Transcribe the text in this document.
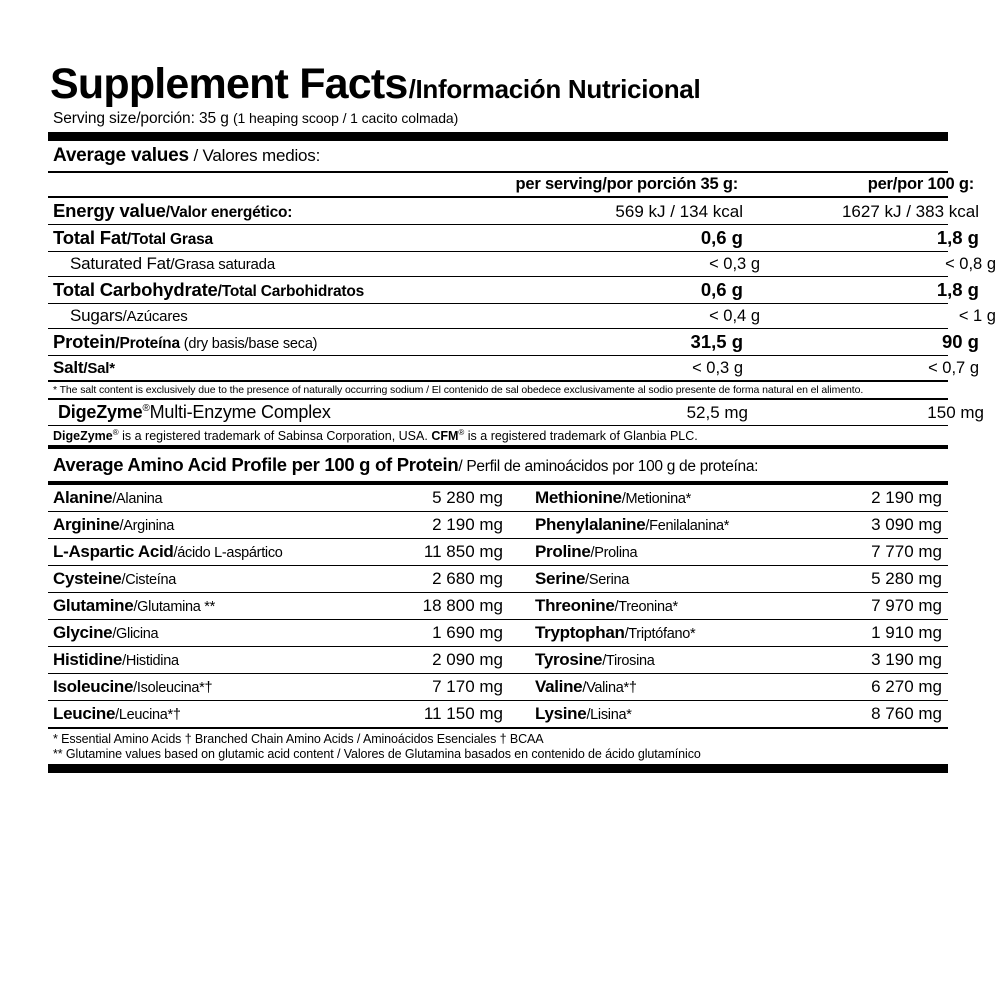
Supplement Facts /Información Nutricional
Serving size/porción: 35 g (1 heaping scoop / 1 cacito colmada)
Average values / Valores medios:
	per serving/por porción 35 g:	per/por 100 g:
Energy value/Valor energético:	569 kJ / 134 kcal	1627 kJ / 383 kcal
Total Fat/Total Grasa	0,6 g	1,8 g
Saturated Fat/Grasa saturada	< 0,3 g	< 0,8 g
Total Carbohydrate/Total Carbohidratos	0,6 g	1,8 g
Sugars/Azúcares	< 0,4 g	< 1 g
Protein/Proteína (dry basis/base seca)	31,5 g	90 g
Salt/Sal*	< 0,3 g	< 0,7 g
* The salt content is exclusively due to the presence of naturally occurring sodium / El contenido de sal obedece exclusivamente al sodio presente de forma natural en el alimento.
DigeZyme®Multi-Enzyme Complex	52,5 mg	150 mg
DigeZyme® is a registered trademark of Sabinsa Corporation, USA. CFM® is a registered trademark of Glanbia PLC.
Average Amino Acid Profile per 100 g of Protein/ Perfil de aminoácidos por 100 g de proteína:
Alanine/Alanina	5 280 mg	Methionine/Metionina*	2 190 mg
Arginine/Arginina	2 190 mg	Phenylalanine/Fenilalanina*	3 090 mg
L-Aspartic Acid/ácido L-aspártico	11 850 mg	Proline/Prolina	7 770 mg
Cysteine/Cisteína	2 680 mg	Serine/Serina	5 280 mg
Glutamine/Glutamina **	18 800 mg	Threonine/Treonina*	7 970 mg
Glycine/Glicina	1 690 mg	Tryptophan/Triptófano*	1 910 mg
Histidine/Histidina	2 090 mg	Tyrosine/Tirosina	3 190 mg
Isoleucine/Isoleucina*†	7 170 mg	Valine/Valina*†	6 270 mg
Leucine/Leucina*†	11 150 mg	Lysine/Lisina*	8 760 mg
* Essential Amino Acids † Branched Chain Amino Acids / Aminoácidos Esenciales † BCAA
** Glutamine values based on glutamic acid content / Valores de Glutamina basados en contenido de ácido glutamínico
